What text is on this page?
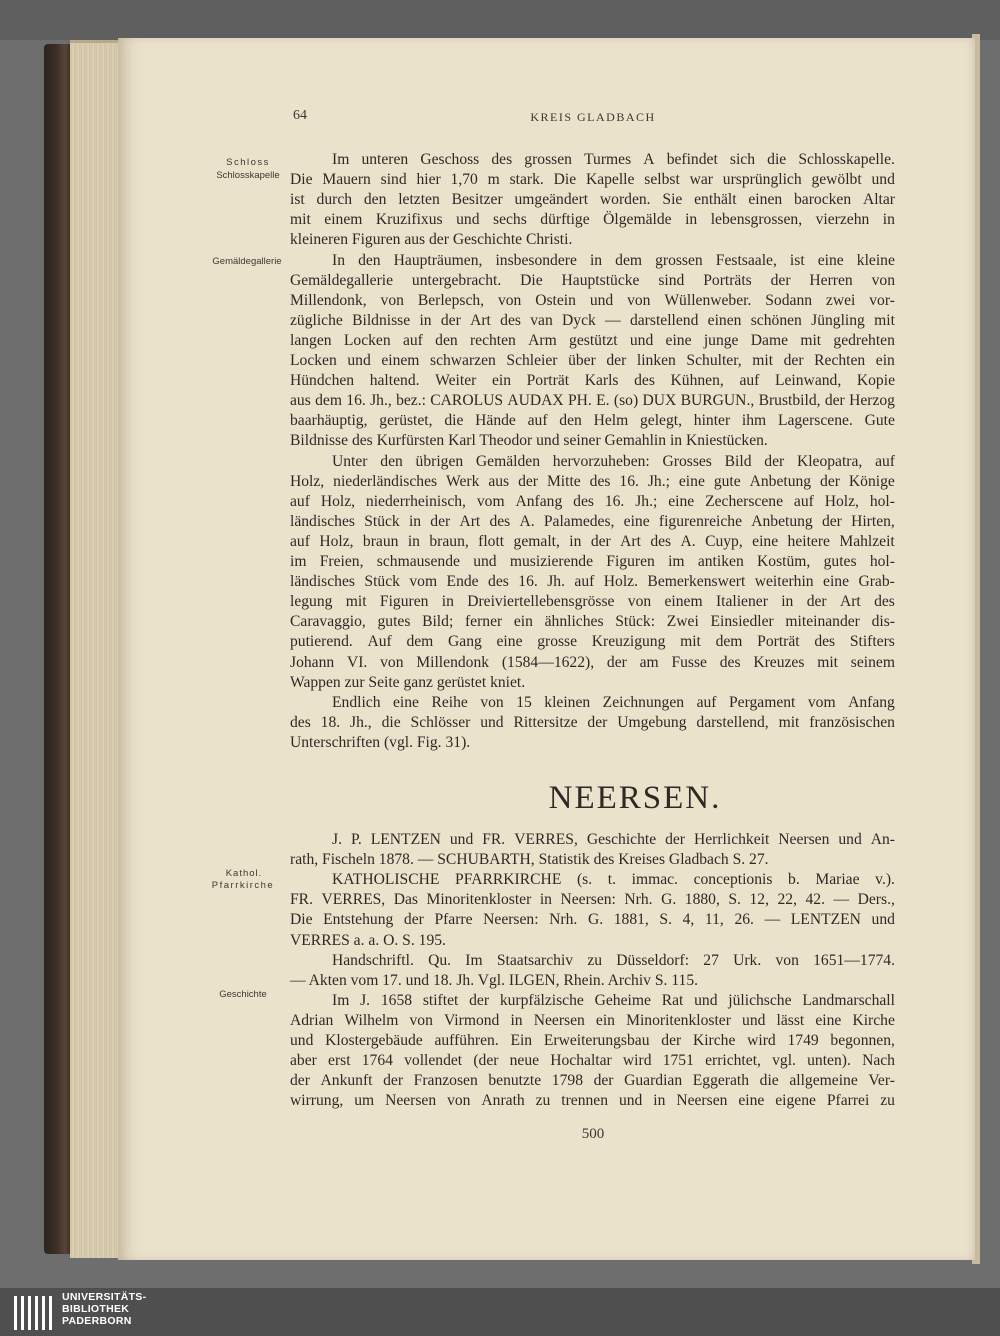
64	KREIS GLADBACH
Schloss
Schlosskapelle
Gemäldegallerie
Kathol.
Pfarrkirche
Geschichte
Im unteren Geschoss des grossen Turmes A befindet sich die Schlosskapelle.
Die Mauern sind hier 1,70 m stark. Die Kapelle selbst war ursprünglich gewölbt und
ist durch den letzten Besitzer umgeändert worden. Sie enthält einen barocken Altar
mit einem Kruzifixus und sechs dürftige Ölgemälde in lebensgrossen, vierzehn in
kleineren Figuren aus der Geschichte Christi.
In den Haupträumen, insbesondere in dem grossen Festsaale, ist eine kleine
Gemäldegallerie untergebracht. Die Hauptstücke sind Porträts der Herren von
Millendonk, von Berlepsch, von Ostein und von Wüllenweber. Sodann zwei vor-
zügliche Bildnisse in der Art des van Dyck — darstellend einen schönen Jüngling mit
langen Locken auf den rechten Arm gestützt und eine junge Dame mit gedrehten
Locken und einem schwarzen Schleier über der linken Schulter, mit der Rechten ein
Hündchen haltend. Weiter ein Porträt Karls des Kühnen, auf Leinwand, Kopie
aus dem 16. Jh., bez.: CAROLUS AUDAX PH. E. (so) DUX BURGUN., Brustbild, der Herzog
baarhäuptig, gerüstet, die Hände auf den Helm gelegt, hinter ihm Lagerscene. Gute
Bildnisse des Kurfürsten Karl Theodor und seiner Gemahlin in Kniestücken.
Unter den übrigen Gemälden hervorzuheben: Grosses Bild der Kleopatra, auf
Holz, niederländisches Werk aus der Mitte des 16. Jh.; eine gute Anbetung der Könige
auf Holz, niederrheinisch, vom Anfang des 16. Jh.; eine Zecherscene auf Holz, hol-
ländisches Stück in der Art des A. Palamedes, eine figurenreiche Anbetung der Hirten,
auf Holz, braun in braun, flott gemalt, in der Art des A. Cuyp, eine heitere Mahlzeit
im Freien, schmausende und musizierende Figuren im antiken Kostüm, gutes hol-
ländisches Stück vom Ende des 16. Jh. auf Holz. Bemerkenswert weiterhin eine Grab-
legung mit Figuren in Dreiviertellebensgrösse von einem Italiener in der Art des
Caravaggio, gutes Bild; ferner ein ähnliches Stück: Zwei Einsiedler miteinander dis-
putierend. Auf dem Gang eine grosse Kreuzigung mit dem Porträt des Stifters
Johann VI. von Millendonk (1584—1622), der am Fusse des Kreuzes mit seinem
Wappen zur Seite ganz gerüstet kniet.
Endlich eine Reihe von 15 kleinen Zeichnungen auf Pergament vom Anfang
des 18. Jh., die Schlösser und Rittersitze der Umgebung darstellend, mit französischen
Unterschriften (vgl. Fig. 31).
NEERSEN.
J. P. LENTZEN und FR. VERRES, Geschichte der Herrlichkeit Neersen und An-
rath, Fischeln 1878. — SCHUBARTH, Statistik des Kreises Gladbach S. 27.
KATHOLISCHE PFARRKIRCHE (s. t. immac. conceptionis b. Mariae v.).
FR. VERRES, Das Minoritenkloster in Neersen: Nrh. G. 1880, S. 12, 22, 42. — Ders.,
Die Entstehung der Pfarre Neersen: Nrh. G. 1881, S. 4, 11, 26. — LENTZEN und
VERRES a. a. O. S. 195.
Handschriftl. Qu. Im Staatsarchiv zu Düsseldorf: 27 Urk. von 1651—1774.
— Akten vom 17. und 18. Jh. Vgl. ILGEN, Rhein. Archiv S. 115.
Im J. 1658 stiftet der kurpfälzische Geheime Rat und jülichsche Landmarschall
Adrian Wilhelm von Virmond in Neersen ein Minoritenkloster und lässt eine Kirche
und Klostergebäude aufführen. Ein Erweiterungsbau der Kirche wird 1749 begonnen,
aber erst 1764 vollendet (der neue Hochaltar wird 1751 errichtet, vgl. unten). Nach
der Ankunft der Franzosen benutzte 1798 der Guardian Eggerath die allgemeine Ver-
wirrung, um Neersen von Anrath zu trennen und in Neersen eine eigene Pfarrei zu
500
UNIVERSITÄTS-
BIBLIOTHEK
PADERBORN
